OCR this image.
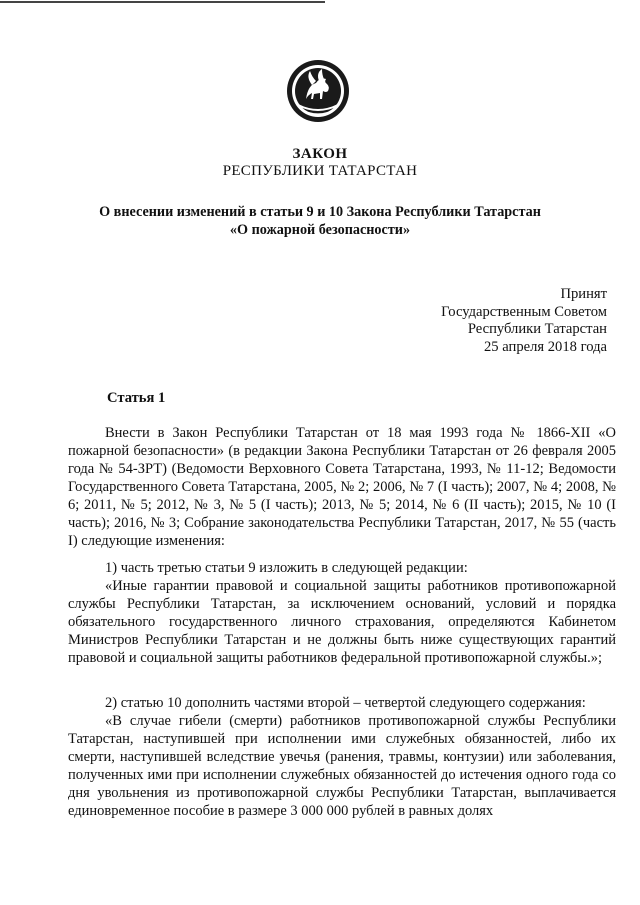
ЗАКОН
РЕСПУБЛИКИ ТАТАРСТАН
О внесении изменений в статьи 9 и 10 Закона Республики Татарстан
«О пожарной безопасности»
Принят
Государственным Советом
Республики Татарстан
25 апреля 2018 года
Статья 1

Внести в Закон Республики Татарстан от 18 мая 1993 года № 1866-XII «О пожарной безопасности» (в редакции Закона Республики Татарстан от 26 февраля 2005 года № 54-ЗРТ) (Ведомости Верховного Совета Татарстана, 1993, № 11-12; Ведомости Государственного Совета Татарстана, 2005, № 2; 2006, № 7 (I часть); 2007, № 4; 2008, № 6; 2011, № 5; 2012, № 3, № 5 (I часть); 2013, № 5; 2014, № 6 (II часть); 2015, № 10 (I часть); 2016, № 3; Собрание законодательства Республики Татарстан, 2017, № 55 (часть I) следующие изменения:

1) часть третью статьи 9 изложить в следующей редакции:

«Иные гарантии правовой и социальной защиты работников противопожарной службы Республики Татарстан, за исключением оснований, условий и порядка обязательного государственного личного страхования, определяются Кабинетом Министров Республики Татарстан и не должны быть ниже существующих гарантий правовой и социальной защиты работников федеральной противопожарной службы.»;

2) статью 10 дополнить частями второй – четвертой следующего содержания:

«В случае гибели (смерти) работников противопожарной службы Республики Татарстан, наступившей при исполнении ими служебных обязанностей, либо их смерти, наступившей вследствие увечья (ранения, травмы, контузии) или заболевания, полученных ими при исполнении служебных обязанностей до истечения одного года со дня увольнения из противопожарной службы Республики Татарстан, выплачивается единовременное пособие в размере 3 000 000 рублей в равных долях
